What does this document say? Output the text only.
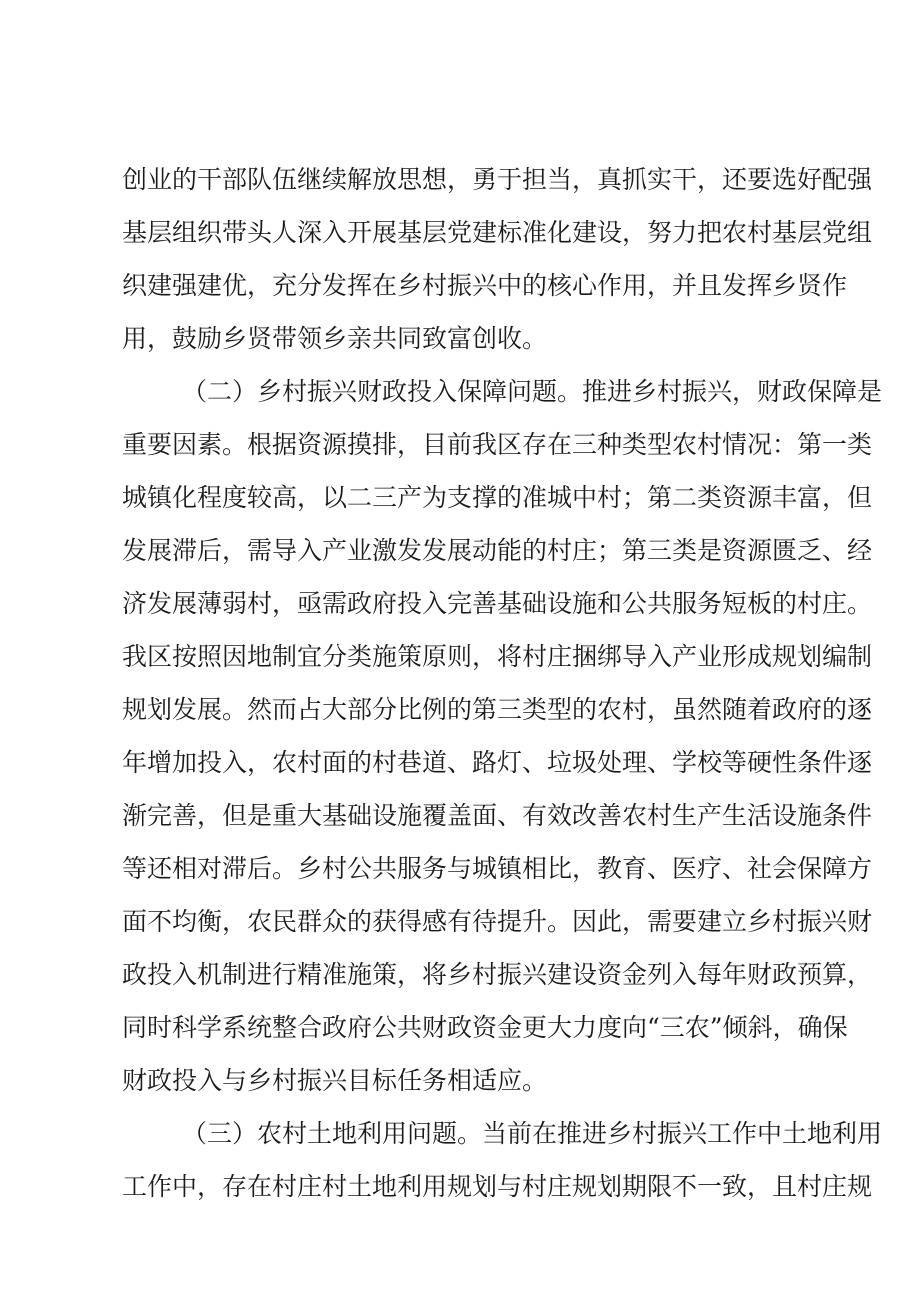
创业的干部队伍继续解放思想，勇于担当，真抓实干，还要选好配强
基层组织带头人深入开展基层党建标准化建设，努力把农村基层党组
织建强建优，充分发挥在乡村振兴中的核心作用，并且发挥乡贤作
用，鼓励乡贤带领乡亲共同致富创收。
（二）乡村振兴财政投入保障问题。推进乡村振兴，财政保障是
重要因素。根据资源摸排，目前我区存在三种类型农村情况：第一类
城镇化程度较高，以二三产为支撑的准城中村；第二类资源丰富，但
发展滞后，需导入产业激发发展动能的村庄；第三类是资源匮乏、经
济发展薄弱村，亟需政府投入完善基础设施和公共服务短板的村庄。
我区按照因地制宜分类施策原则，将村庄捆绑导入产业形成规划编制
规划发展。然而占大部分比例的第三类型的农村，虽然随着政府的逐
年增加投入，农村面的村巷道、路灯、垃圾处理、学校等硬性条件逐
渐完善，但是重大基础设施覆盖面、有效改善农村生产生活设施条件
等还相对滞后。乡村公共服务与城镇相比，教育、医疗、社会保障方
面不均衡，农民群众的获得感有待提升。因此，需要建立乡村振兴财
政投入机制进行精准施策，将乡村振兴建设资金列入每年财政预算，
同时科学系统整合政府公共财政资金更大力度向“三农”倾斜，确保
财政投入与乡村振兴目标任务相适应。
（三）农村土地利用问题。当前在推进乡村振兴工作中土地利用
工作中，存在村庄村土地利用规划与村庄规划期限不一致，且村庄规
